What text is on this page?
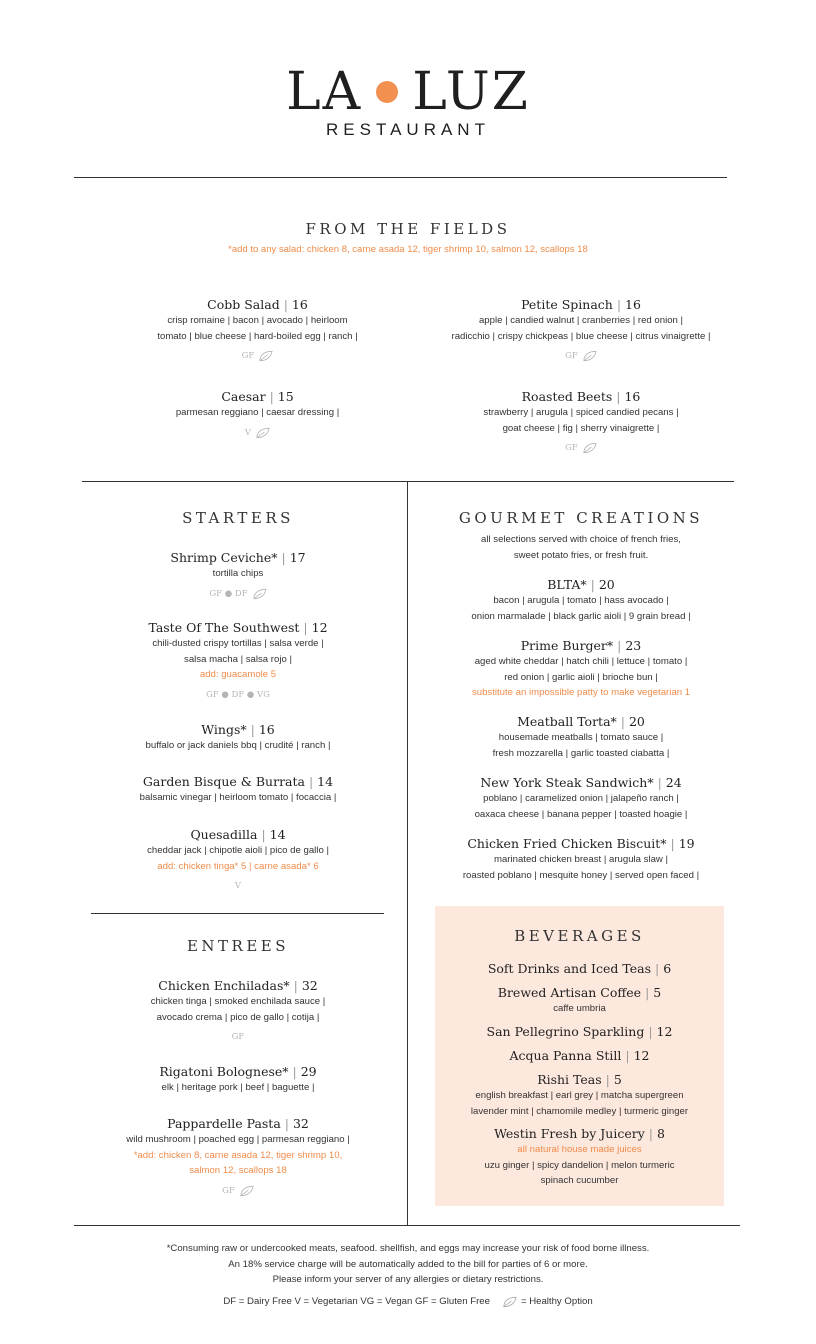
LA LUZ
RESTAURANT
FROM THE FIELDS
*add to any salad: chicken 8, carne asada 12, tiger shrimp 10, salmon 12, scallops 18
Cobb Salad | 16
crisp romaine | bacon | avocado | heirloom
tomato | blue cheese | hard-boiled egg | ranch |
GF
Petite Spinach | 16
apple | candied walnut | cranberries | red onion |
radicchio | crispy chickpeas | blue cheese | citrus vinaigrette |
GF
Caesar | 15
parmesan reggiano | caesar dressing |
V
Roasted Beets | 16
strawberry | arugula | spiced candied pecans |
goat cheese | fig | sherry vinaigrette |
GF
STARTERS
Shrimp Ceviche* | 17
tortilla chips
GF ● DF
Taste Of The Southwest | 12
chili-dusted crispy tortillas | salsa verde |
salsa macha | salsa rojo |
add: guacamole 5
GF ● DF ● VG
Wings* | 16
buffalo or jack daniels bbq | crudité | ranch |
Garden Bisque & Burrata | 14
balsamic vinegar | heirloom tomato | focaccia |
Quesadilla | 14
cheddar jack | chipotle aioli | pico de gallo |
add: chicken tinga* 5 | carne asada* 6
V
GOURMET CREATIONS
all selections served with choice of french fries,
sweet potato fries, or fresh fruit.
BLTA* | 20
bacon | arugula | tomato | hass avocado |
onion marmalade | black garlic aioli | 9 grain bread |
Prime Burger* | 23
aged white cheddar | hatch chili | lettuce | tomato |
red onion | garlic aioli | brioche bun |
substitute an impossible patty to make vegetarian 1
Meatball Torta* | 20
housemade meatballs | tomato sauce |
fresh mozzarella | garlic toasted ciabatta |
New York Steak Sandwich* | 24
poblano | caramelized onion | jalapeño ranch |
oaxaca cheese | banana pepper | toasted hoagie |
Chicken Fried Chicken Biscuit* | 19
marinated chicken breast | arugula slaw |
roasted poblano | mesquite honey | served open faced |
ENTREES
Chicken Enchiladas* | 32
chicken tinga | smoked enchilada sauce |
avocado crema | pico de gallo | cotija |
GF
Rigatoni Bolognese* | 29
elk | heritage pork | beef | baguette |
Pappardelle Pasta | 32
wild mushroom | poached egg | parmesan reggiano |
*add: chicken 8, carne asada 12, tiger shrimp 10,
salmon 12, scallops 18
GF
BEVERAGES
Soft Drinks and Iced Teas | 6
Brewed Artisan Coffee | 5
caffe umbria
San Pellegrino Sparkling | 12
Acqua Panna Still | 12
Rishi Teas | 5
english breakfast | earl grey | matcha supergreen
lavender mint | chamomile medley | turmeric ginger
Westin Fresh by Juicery | 8
all natural house made juices
uzu ginger | spicy dandelion | melon turmeric
spinach cucumber
*Consuming raw or undercooked meats, seafood. shellfish, and eggs may increase your risk of food borne illness.
An 18% service charge will be automatically added to the bill for parties of 6 or more.
Please inform your server of any allergies or dietary restrictions.
DF = Dairy Free V = Vegetarian VG = Vegan GF = Gluten Free	= Healthy Option
